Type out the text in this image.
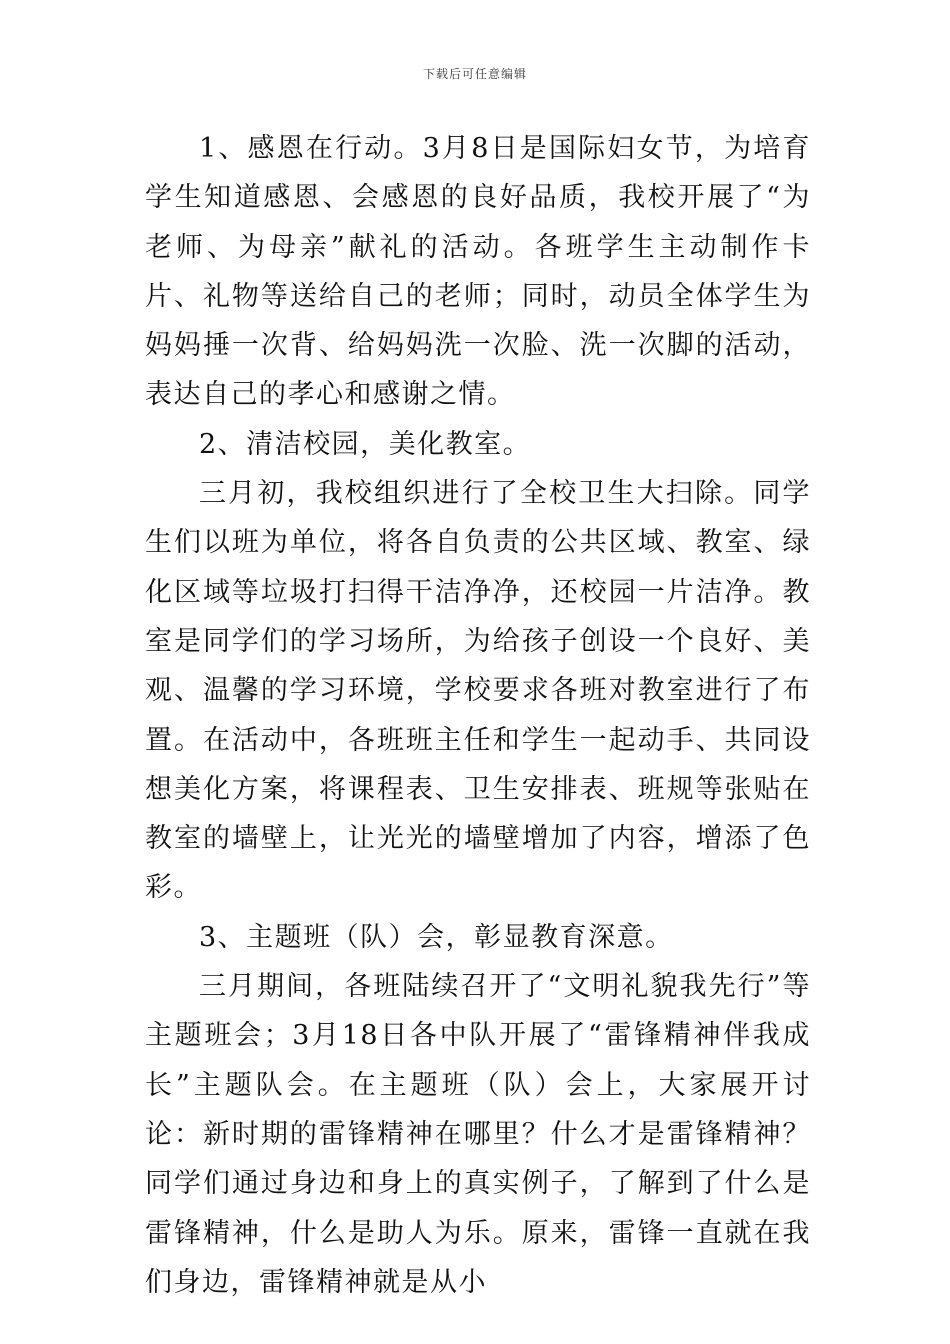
下载后可任意编辑

1、感恩在行动。3月8日是国际妇女节，为培育学生知道感恩、会感恩的良好品质，我校开展了“为老师、为母亲”献礼的活动。各班学生主动制作卡片、礼物等送给自己的老师；同时，动员全体学生为妈妈捶一次背、给妈妈洗一次脸、洗一次脚的活动，表达自己的孝心和感谢之情。

2、清洁校园，美化教室。

三月初，我校组织进行了全校卫生大扫除。同学生们以班为单位，将各自负责的公共区域、教室、绿化区域等垃圾打扫得干洁净净，还校园一片洁净。教室是同学们的学习场所，为给孩子创设一个良好、美观、温馨的学习环境，学校要求各班对教室进行了布置。在活动中，各班班主任和学生一起动手、共同设想美化方案，将课程表、卫生安排表、班规等张贴在教室的墙壁上，让光光的墙壁增加了内容，增添了色彩。

3、主题班（队）会，彰显教育深意。

三月期间，各班陆续召开了“文明礼貌我先行”等主题班会；3月18日各中队开展了“雷锋精神伴我成长”主题队会。在主题班（队）会上，大家展开讨论：新时期的雷锋精神在哪里？什么才是雷锋精神？同学们通过身边和身上的真实例子，了解到了什么是雷锋精神，什么是助人为乐。原来，雷锋一直就在我们身边，雷锋精神就是从小
